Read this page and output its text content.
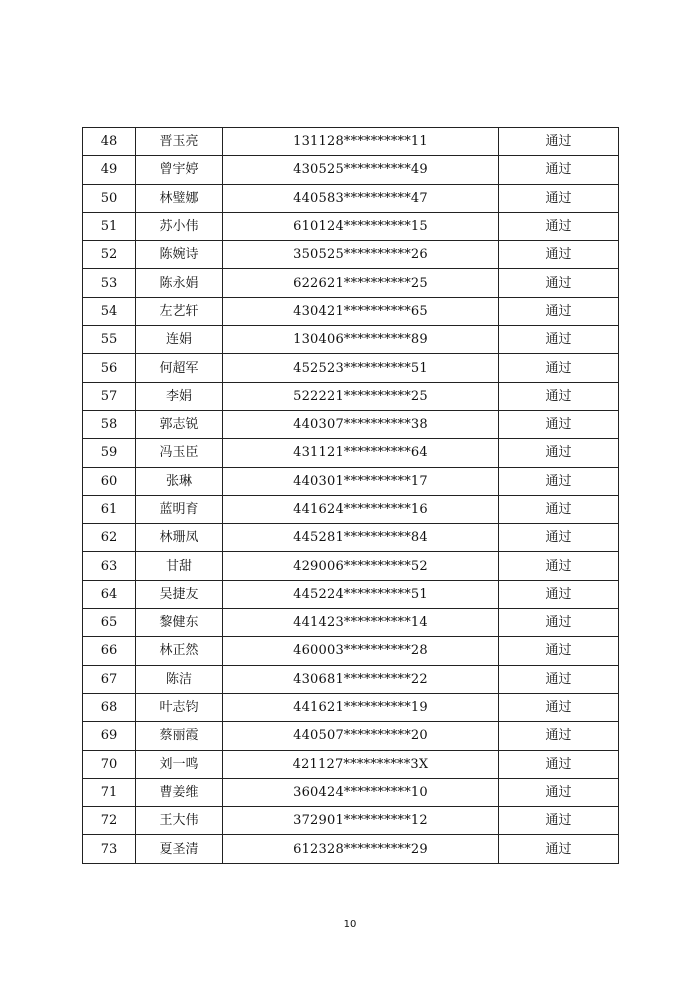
48	晋玉亮	131128**********11	通过
49	曾宇婷	430525**********49	通过
50	林璧娜	440583**********47	通过
51	苏小伟	610124**********15	通过
52	陈婉诗	350525**********26	通过
53	陈永娟	622621**********25	通过
54	左艺轩	430421**********65	通过
55	连娟	130406**********89	通过
56	何超军	452523**********51	通过
57	李娟	522221**********25	通过
58	郭志锐	440307**********38	通过
59	冯玉臣	431121**********64	通过
60	张琳	440301**********17	通过
61	蓝明育	441624**********16	通过
62	林珊凤	445281**********84	通过
63	甘甜	429006**********52	通过
64	吴捷友	445224**********51	通过
65	黎健东	441423**********14	通过
66	林正然	460003**********28	通过
67	陈洁	430681**********22	通过
68	叶志钧	441621**********19	通过
69	蔡丽霞	440507**********20	通过
70	刘一鸣	421127**********3X	通过
71	曹姜维	360424**********10	通过
72	王大伟	372901**********12	通过
73	夏圣清	612328**********29	通过
10
